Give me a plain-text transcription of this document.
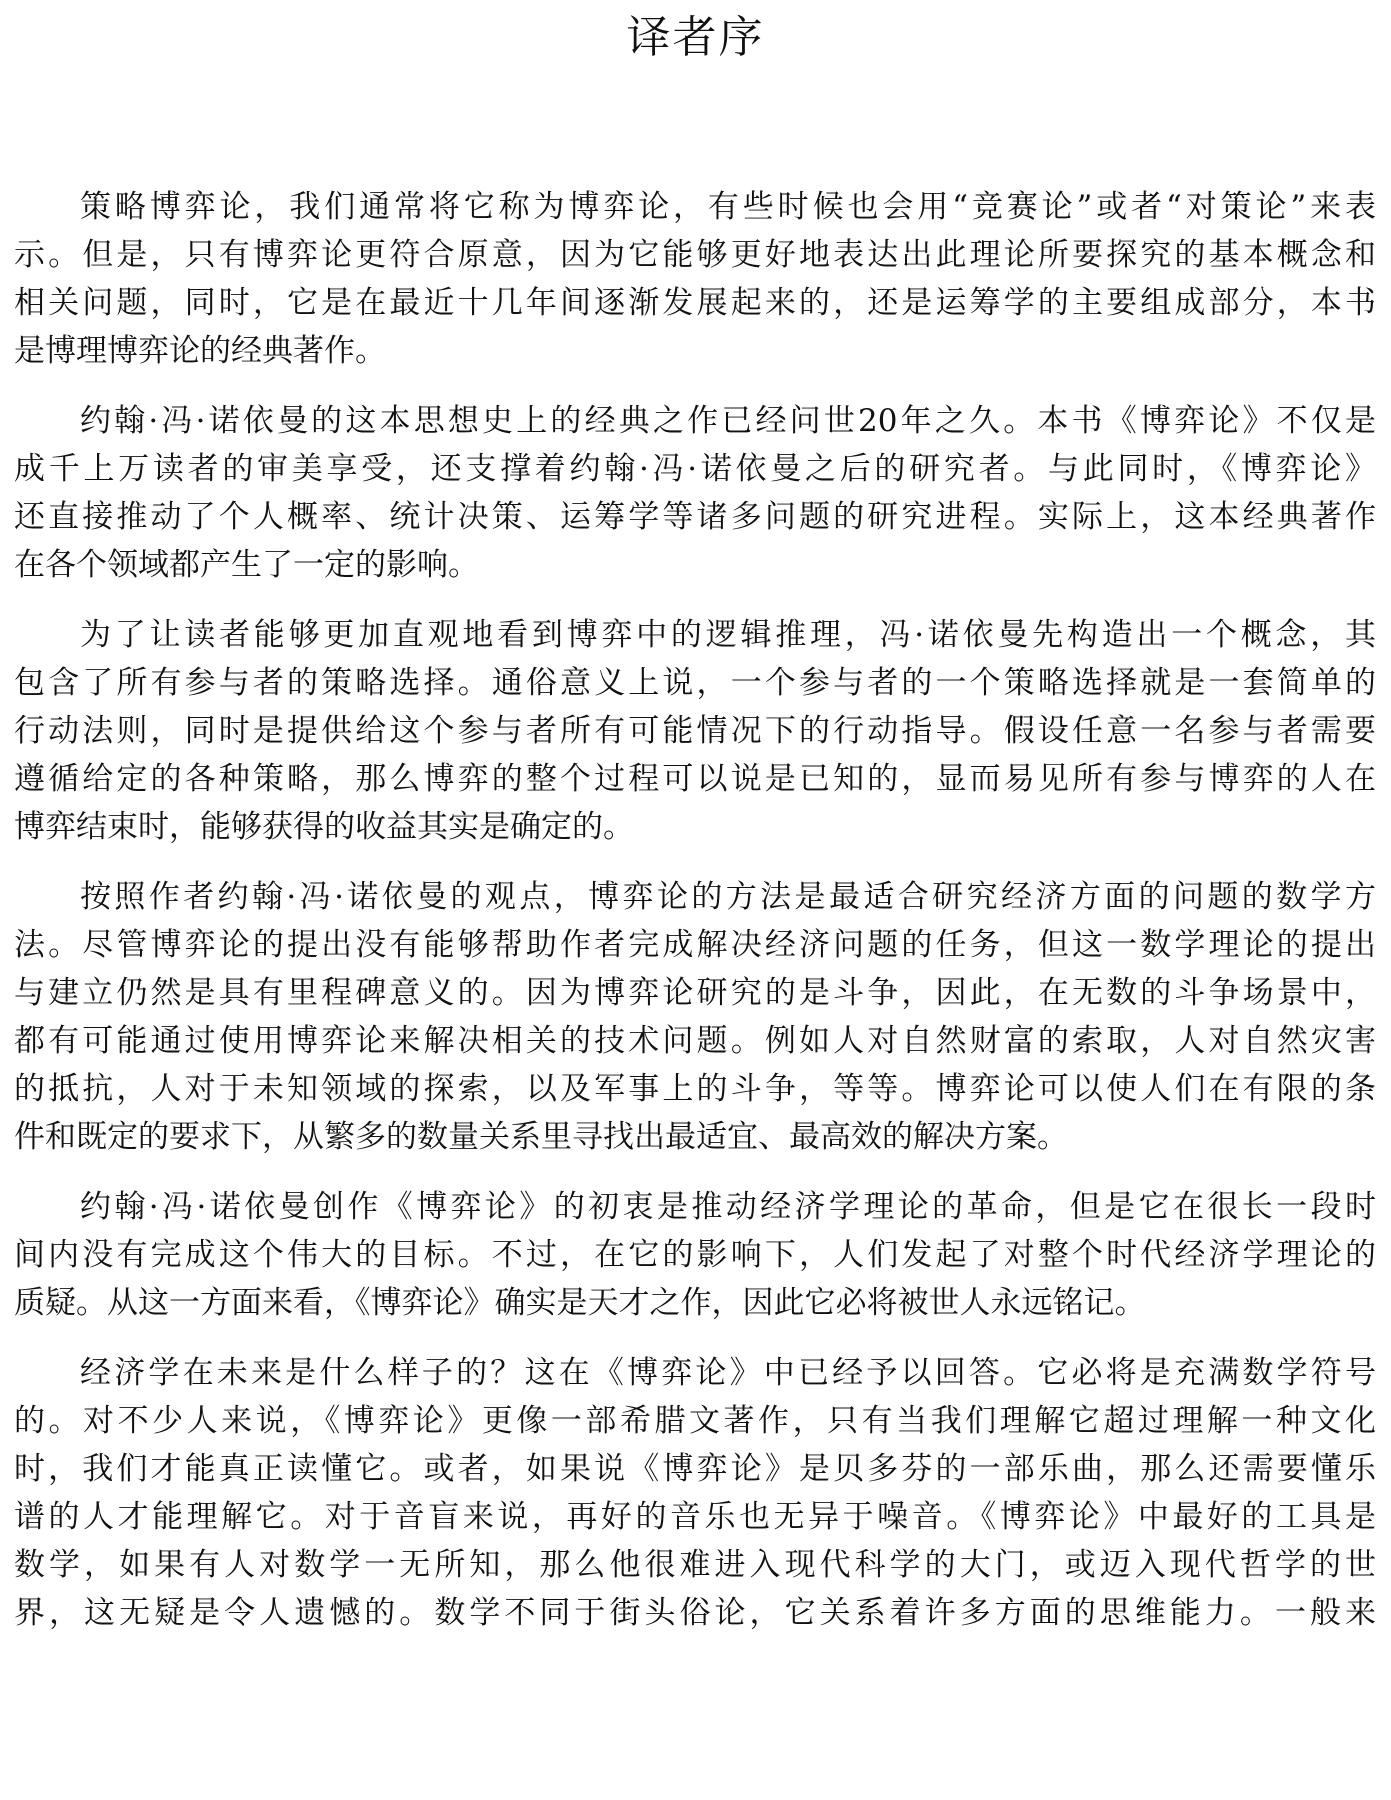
译者序

策略博弈论，我们通常将它称为博弈论，有些时候也会用“竞赛论”或者“对策论”来表
示。但是，只有博弈论更符合原意，因为它能够更好地表达出此理论所要探究的基本概念和
相关问题，同时，它是在最近十几年间逐渐发展起来的，还是运筹学的主要组成部分，本书
是博理博弈论的经典著作。

约翰·冯·诺依曼的这本思想史上的经典之作已经问世20年之久。本书《博弈论》不仅是
成千上万读者的审美享受，还支撑着约翰·冯·诺依曼之后的研究者。与此同时，《博弈论》
还直接推动了个人概率、统计决策、运筹学等诸多问题的研究进程。实际上，这本经典著作
在各个领域都产生了一定的影响。

为了让读者能够更加直观地看到博弈中的逻辑推理，冯·诺依曼先构造出一个概念，其
包含了所有参与者的策略选择。通俗意义上说，一个参与者的一个策略选择就是一套简单的
行动法则，同时是提供给这个参与者所有可能情况下的行动指导。假设任意一名参与者需要
遵循给定的各种策略，那么博弈的整个过程可以说是已知的，显而易见所有参与博弈的人在
博弈结束时，能够获得的收益其实是确定的。

按照作者约翰·冯·诺依曼的观点，博弈论的方法是最适合研究经济方面的问题的数学方
法。尽管博弈论的提出没有能够帮助作者完成解决经济问题的任务，但这一数学理论的提出
与建立仍然是具有里程碑意义的。因为博弈论研究的是斗争，因此，在无数的斗争场景中，
都有可能通过使用博弈论来解决相关的技术问题。例如人对自然财富的索取，人对自然灾害
的抵抗，人对于未知领域的探索，以及军事上的斗争，等等。博弈论可以使人们在有限的条
件和既定的要求下，从繁多的数量关系里寻找出最适宜、最高效的解决方案。

约翰·冯·诺依曼创作《博弈论》的初衷是推动经济学理论的革命，但是它在很长一段时
间内没有完成这个伟大的目标。不过，在它的影响下，人们发起了对整个时代经济学理论的
质疑。从这一方面来看，《博弈论》确实是天才之作，因此它必将被世人永远铭记。

经济学在未来是什么样子的？这在《博弈论》中已经予以回答。它必将是充满数学符号
的。对不少人来说，《博弈论》更像一部希腊文著作，只有当我们理解它超过理解一种文化
时，我们才能真正读懂它。或者，如果说《博弈论》是贝多芬的一部乐曲，那么还需要懂乐
谱的人才能理解它。对于音盲来说，再好的音乐也无异于噪音。《博弈论》中最好的工具是
数学，如果有人对数学一无所知，那么他很难进入现代科学的大门，或迈入现代哲学的世
界，这无疑是令人遗憾的。数学不同于街头俗论，它关系着许多方面的思维能力。一般来
